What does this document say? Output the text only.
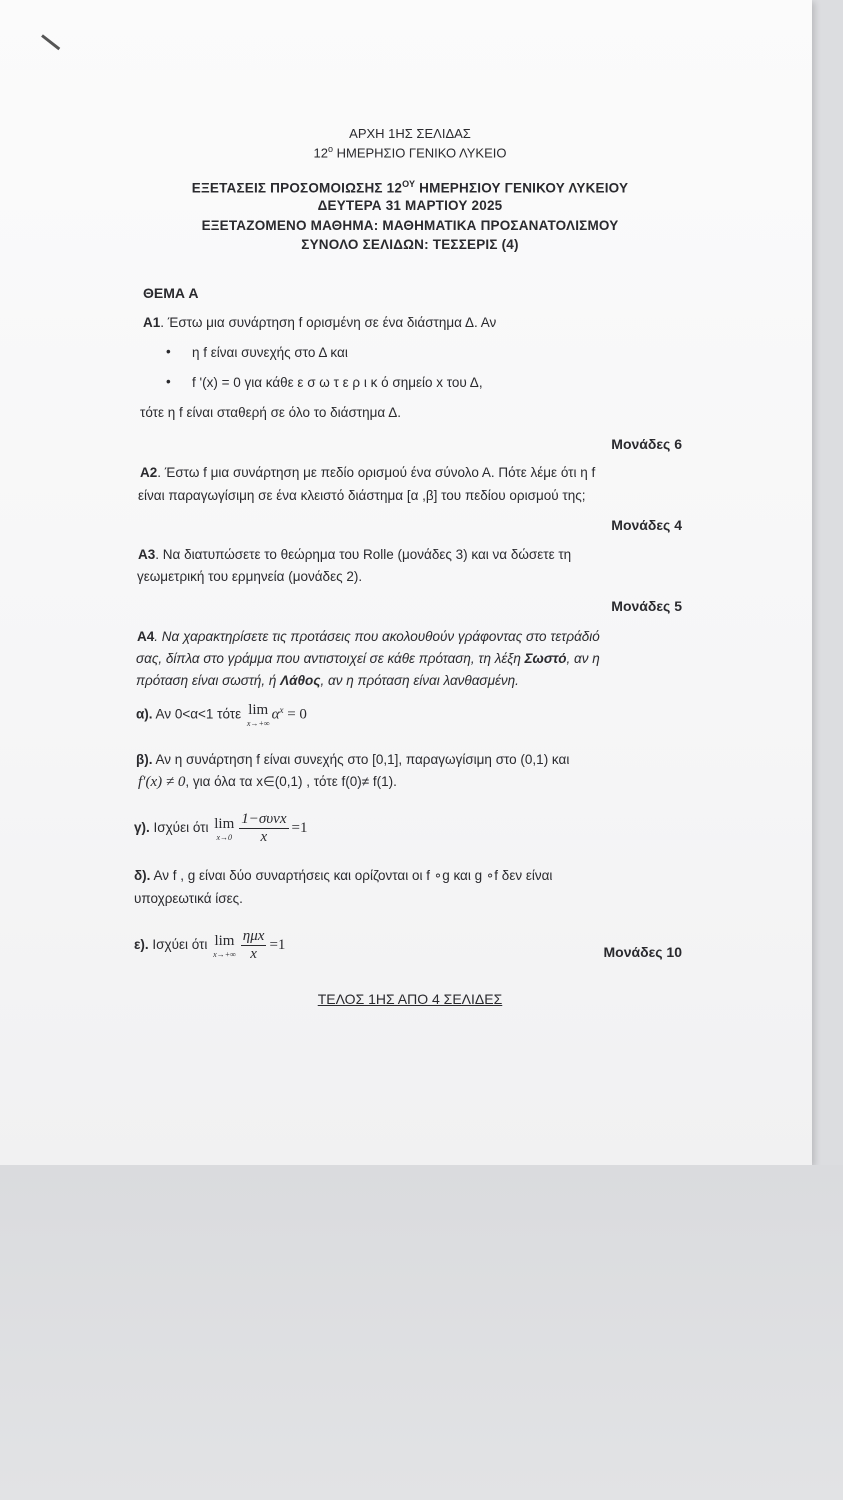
ΑΡΧΗ 1ΗΣ ΣΕΛΙΔΑΣ
$12^o$ ΗΜΕΡΗΣΙΟ ΓΕΝΙΚΟ ΛΥΚΕΙΟ
ΕΞΕΤΑΣΕΙΣ ΠΡΟΣΟΜΟΙΩΣΗΣ $12^{O\Upsilon}$ ΗΜΕΡΗΣΙΟΥ ΓΕΝΙΚΟΥ ΛΥΚΕΙΟΥ
ΔΕΥΤΕΡΑ 31 ΜΑΡΤΙΟΥ 2025
ΕΞΕΤΑΖΟΜΕΝΟ ΜΑΘΗΜΑ: ΜΑΘΗΜΑΤΙΚΑ ΠΡΟΣΑΝΑΤΟΛΙΣΜΟΥ
ΣΥΝΟΛΟ ΣΕΛΙΔΩΝ: ΤΕΣΣΕΡΙΣ (4)
ΘΕΜΑ Α
Α1. Έστω μια συνάρτηση f ορισμένη σε ένα διάστημα Δ. Αν
• η f είναι συνεχής στο Δ και
• f '(x) = 0 για κάθε ε σ ω τ ε ρ ι κ ό σημείο x του Δ,
τότε η f είναι σταθερή σε όλο το διάστημα Δ.
Μονάδες 6
Α2. Έστω f μια συνάρτηση με πεδίο ορισμού ένα σύνολο Α. Πότε λέμε ότι η f
είναι παραγωγίσιμη σε ένα κλειστό διάστημα [α ,β] του πεδίου ορισμού της;
Μονάδες 4
Α3. Να διατυπώσετε το θεώρημα του Rolle (μονάδες 3) και να δώσετε τη
γεωμετρική του ερμηνεία (μονάδες 2).
Μονάδες 5
Α4. Να χαρακτηρίσετε τις προτάσεις που ακολουθούν γράφοντας στο τετράδιό
σας, δίπλα στο γράμμα που αντιστοιχεί σε κάθε πρόταση, τη λέξη Σωστό, αν η
πρόταση είναι σωστή, ή Λάθος, αν η πρόταση είναι λανθασμένη.
α). Αν 0<α<1 τότε lim
x→+∞
$\alpha^x = 0$
β). Αν η συνάρτηση f είναι συνεχής στο [0,1], παραγωγίσιμη στο (0,1) και
f′(x) ≠ 0, για όλα τα x∈(0,1) , τότε f(0)≠ f(1).
γ). Ισχύει ότι lim
$x\to 0 \frac{\text{1−συνx}}{x} =1$
δ). Αν f , g είναι δύο συναρτήσεις και ορίζονται οι f ∘g και g ∘f δεν είναι
υποχρεωτικά ίσες.
ε). Ισχύει ότι lim
$x\to+\infty \frac{\text{ημx}}{x} =1$	Μονάδες 10
ΤΕΛΟΣ 1ΗΣ ΑΠΟ 4 ΣΕΛΙΔΕΣ
